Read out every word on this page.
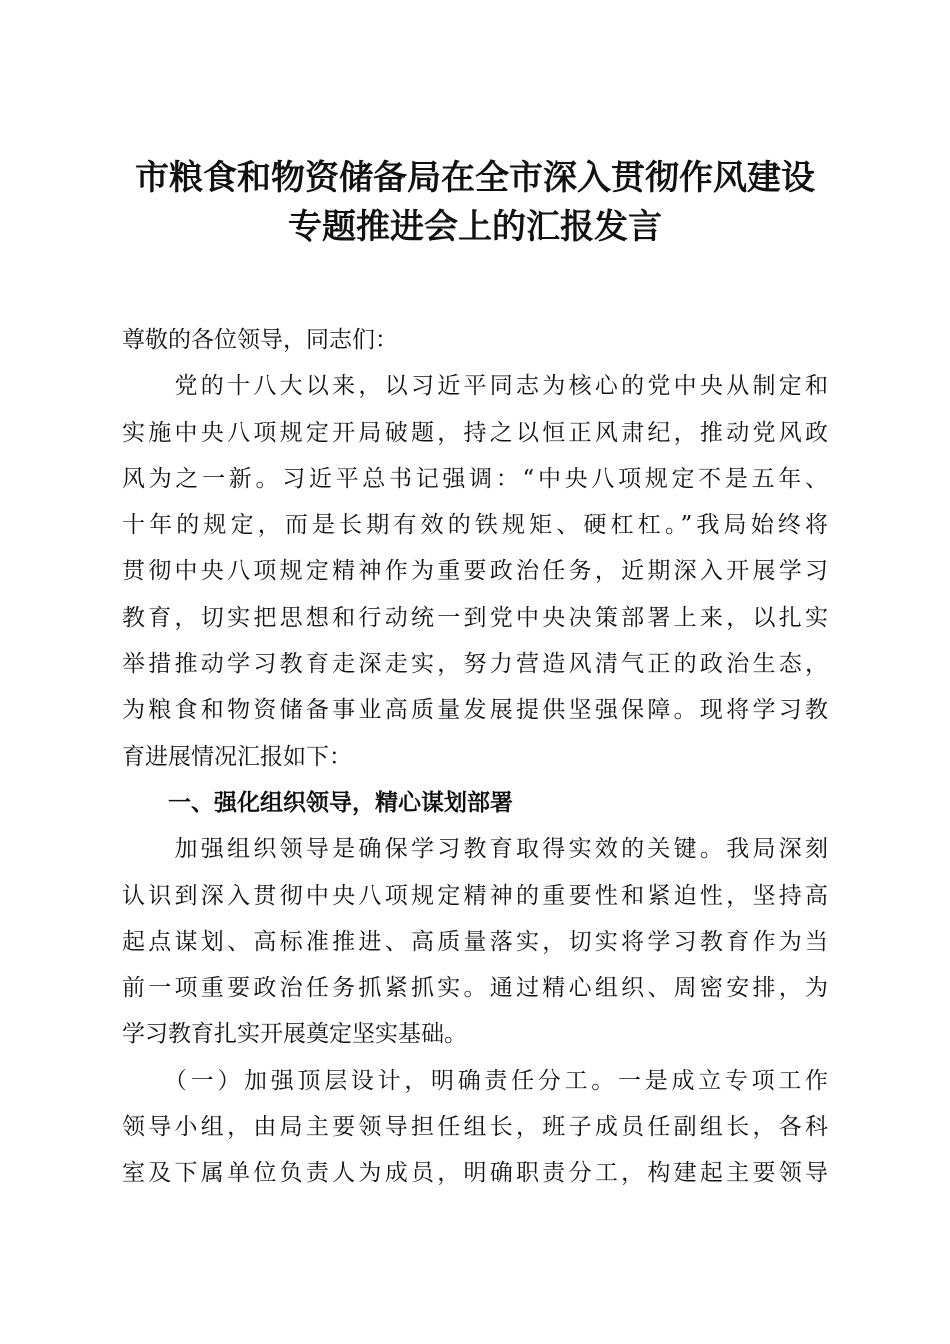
市粮食和物资储备局在全市深入贯彻作风建设
专题推进会上的汇报发言
尊敬的各位领导，同志们：
　　党的十八大以来，以习近平同志为核心的党中央从制定和
实施中央八项规定开局破题，持之以恒正风肃纪，推动党风政
风为之一新。习近平总书记强调：“中央八项规定不是五年、
十年的规定，而是长期有效的铁规矩、硬杠杠。”我局始终将
贯彻中央八项规定精神作为重要政治任务，近期深入开展学习
教育，切实把思想和行动统一到党中央决策部署上来，以扎实
举措推动学习教育走深走实，努力营造风清气正的政治生态，
为粮食和物资储备事业高质量发展提供坚强保障。现将学习教
育进展情况汇报如下：
　　一、强化组织领导，精心谋划部署
　　加强组织领导是确保学习教育取得实效的关键。我局深刻
认识到深入贯彻中央八项规定精神的重要性和紧迫性，坚持高
起点谋划、高标准推进、高质量落实，切实将学习教育作为当
前一项重要政治任务抓紧抓实。通过精心组织、周密安排，为
学习教育扎实开展奠定坚实基础。
　　（一）加强顶层设计，明确责任分工。一是成立专项工作
领导小组，由局主要领导担任组长，班子成员任副组长，各科
室及下属单位负责人为成员，明确职责分工，构建起主要领导
